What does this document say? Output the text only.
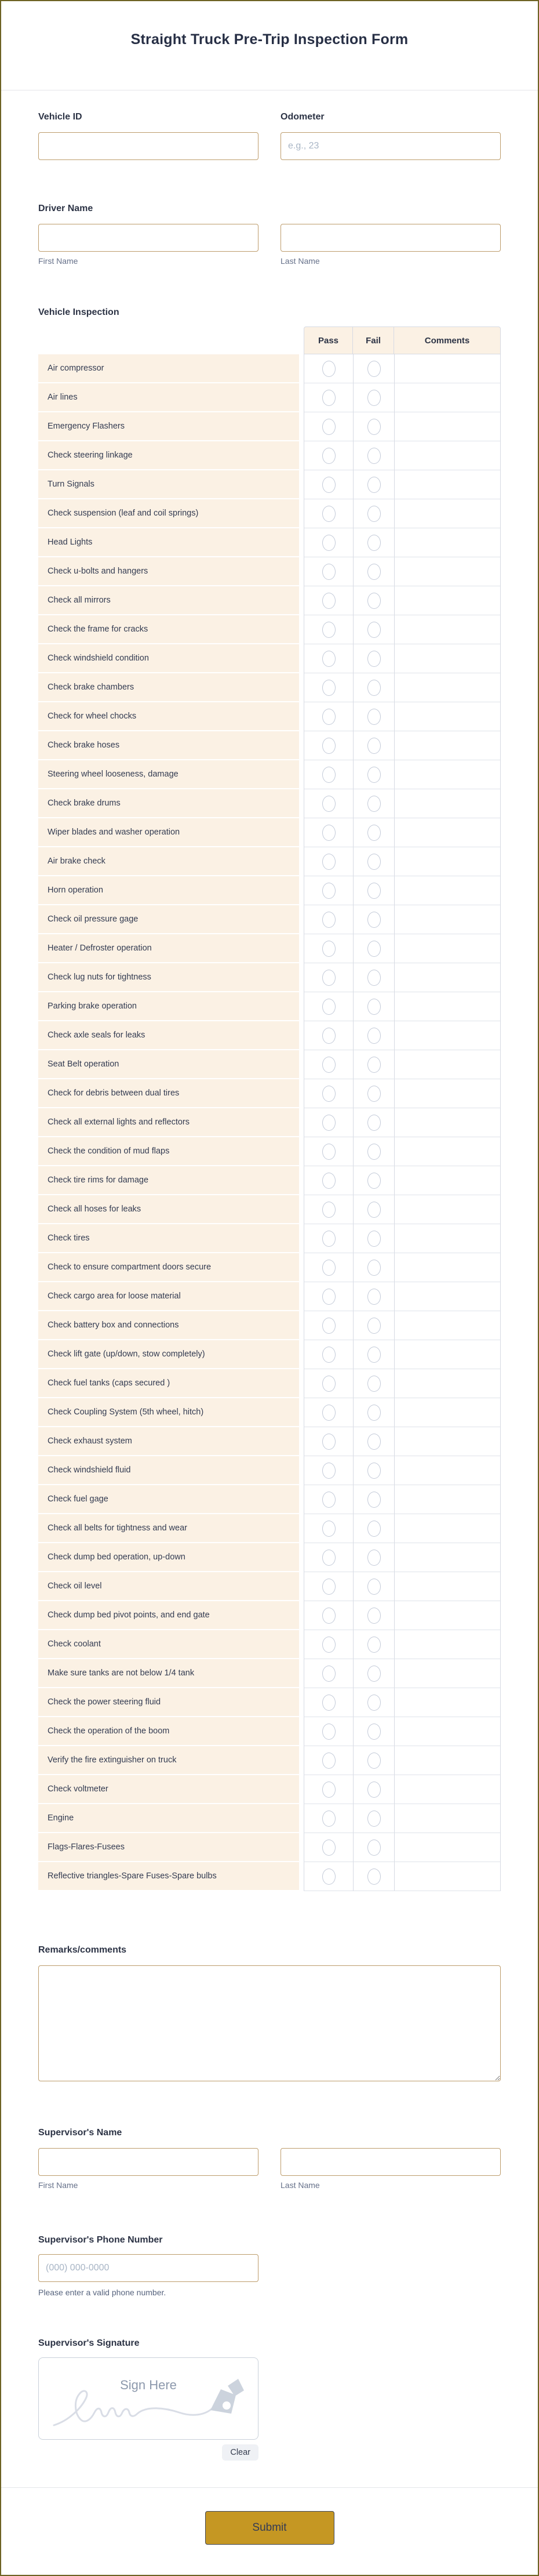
Straight Truck Pre-Trip Inspection Form
Vehicle ID	Odometer
e.g., 23
Driver Name
First Name	Last Name
Vehicle Inspection
Pass	Fail	Comments
Air compressor
Air lines
Emergency Flashers
Check steering linkage
Turn Signals
Check suspension (leaf and coil springs)
Head Lights
Check u-bolts and hangers
Check all mirrors
Check the frame for cracks
Check windshield condition
Check brake chambers
Check for wheel chocks
Check brake hoses
Steering wheel looseness, damage
Check brake drums
Wiper blades and washer operation
Air brake check
Horn operation
Check oil pressure gage
Heater / Defroster operation
Check lug nuts for tightness
Parking brake operation
Check axle seals for leaks
Seat Belt operation
Check for debris between dual tires
Check all external lights and reflectors
Check the condition of mud flaps
Check tire rims for damage
Check all hoses for leaks
Check tires
Check to ensure compartment doors secure
Check cargo area for loose material
Check battery box and connections
Check lift gate (up/down, stow completely)
Check fuel tanks (caps secured )
Check Coupling System (5th wheel, hitch)
Check exhaust system
Check windshield fluid
Check fuel gage
Check all belts for tightness and wear
Check dump bed operation, up-down
Check oil level
Check dump bed pivot points, and end gate
Check coolant
Make sure tanks are not below 1/4 tank
Check the power steering fluid
Check the operation of the boom
Verify the fire extinguisher on truck
Check voltmeter
Engine
Flags-Flares-Fusees
Reflective triangles-Spare Fuses-Spare bulbs
Remarks/comments
Supervisor's Name
First Name	Last Name
Supervisor's Phone Number
(000) 000-0000
Please enter a valid phone number.
Supervisor's Signature
Sign Here
Clear
Submit
